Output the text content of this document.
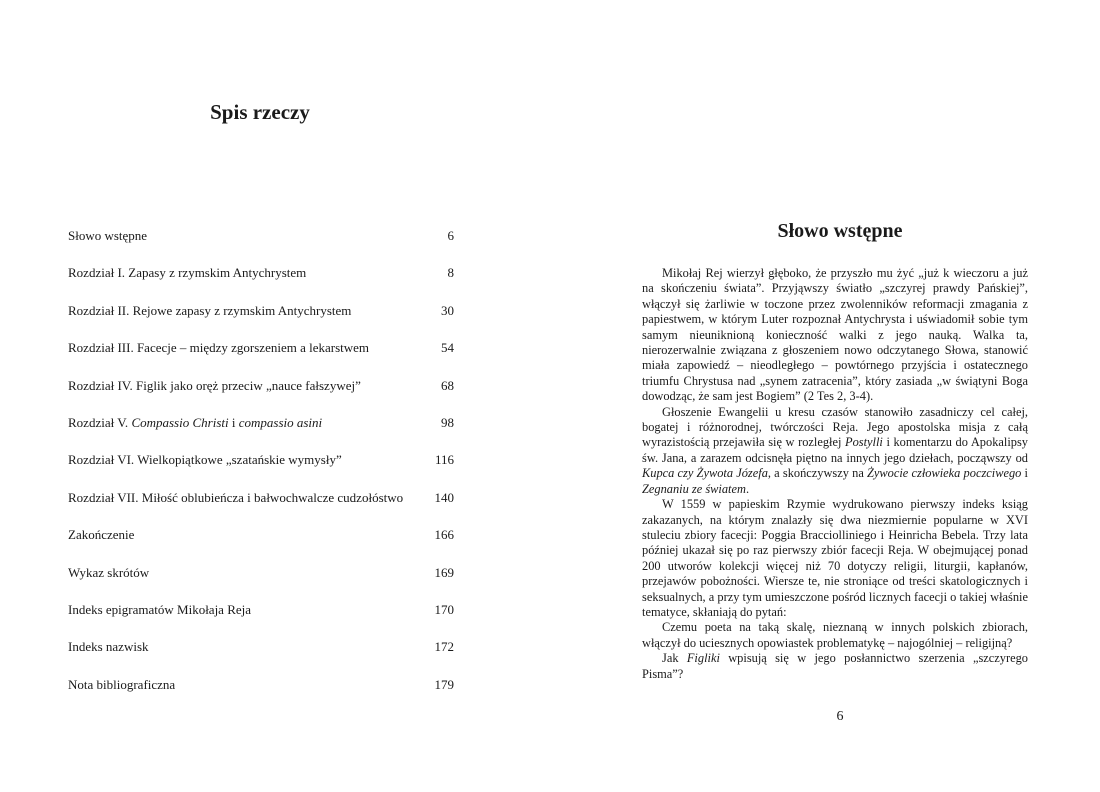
Spis rzeczy
Słowo wstępne	6
Rozdział I. Zapasy z rzymskim Antychrystem	8
Rozdział II. Rejowe zapasy z rzymskim Antychrystem	30
Rozdział III. Facecje – między zgorszeniem a lekarstwem	54
Rozdział IV. Figlik jako oręż przeciw „nauce fałszywej”	68
Rozdział V. Compassio Christi i compassio asini	98
Rozdział VI. Wielkopiątkowe „szatańskie wymysły”	116
Rozdział VII. Miłość oblubieńcza i bałwochwalcze cudzołóstwo 140
Zakończenie	166
Wykaz skrótów	169
Indeks epigramatów Mikołaja Reja	170
Indeks nazwisk	172
Nota bibliograficzna	179
Słowo wstępne

Mikołaj Rej wierzył głęboko, że przyszło mu żyć „już k wieczoru a już na skończeniu świata”. Przyjąwszy światło „szczyrej prawdy Pańskiej”, włączył się żarliwie w toczone przez zwolenników reformacji zmagania z papiestwem, w którym Luter rozpoznał Antychrysta i uświadomił sobie tym samym nieuniknioną konieczność walki z jego nauką. Walka ta, nierozerwalnie związana z głoszeniem nowo odczytanego Słowa, stanowić miała zapowiedź – nieodległego – powtórnego przyjścia i ostatecznego triumfu Chrystusa nad „synem zatracenia”, który zasiada „w świątyni Boga dowodząc, że sam jest Bogiem” (2 Tes 2, 3-4).

Głoszenie Ewangelii u kresu czasów stanowiło zasadniczy cel całej, bogatej i różnorodnej, twórczości Reja. Jego apostolska misja z całą wyrazistością przejawiła się w rozległej Postylli i komentarzu do Apokalipsy św. Jana, a zarazem odcisnęła piętno na innych jego dziełach, począwszy od Kupca czy Żywota Józefa, a skończywszy na Żywocie człowieka poczciwego i Zegnaniu ze światem.

W 1559 w papieskim Rzymie wydrukowano pierwszy indeks ksiąg zakazanych, na którym znalazły się dwa niezmiernie popularne w XVI stuleciu zbiory facecji: Poggia Bracciolliniego i Heinricha Bebela. Trzy lata później ukazał się po raz pierwszy zbiór facecji Reja. W obejmującej ponad 200 utworów kolekcji więcej niż 70 dotyczy religii, liturgii, kapłanów, przejawów pobożności. Wiersze te, nie stroniące od treści skatologicznych i seksualnych, a przy tym umieszczone pośród licznych facecji o takiej właśnie tematyce, skłaniają do pytań:

Czemu poeta na taką skalę, nieznaną w innych polskich zbiorach, włączył do uciesznych opowiastek problematykę – najogólniej – religijną?

Jak Figliki wpisują się w jego posłannictwo szerzenia „szczyrego Pisma”?

6
